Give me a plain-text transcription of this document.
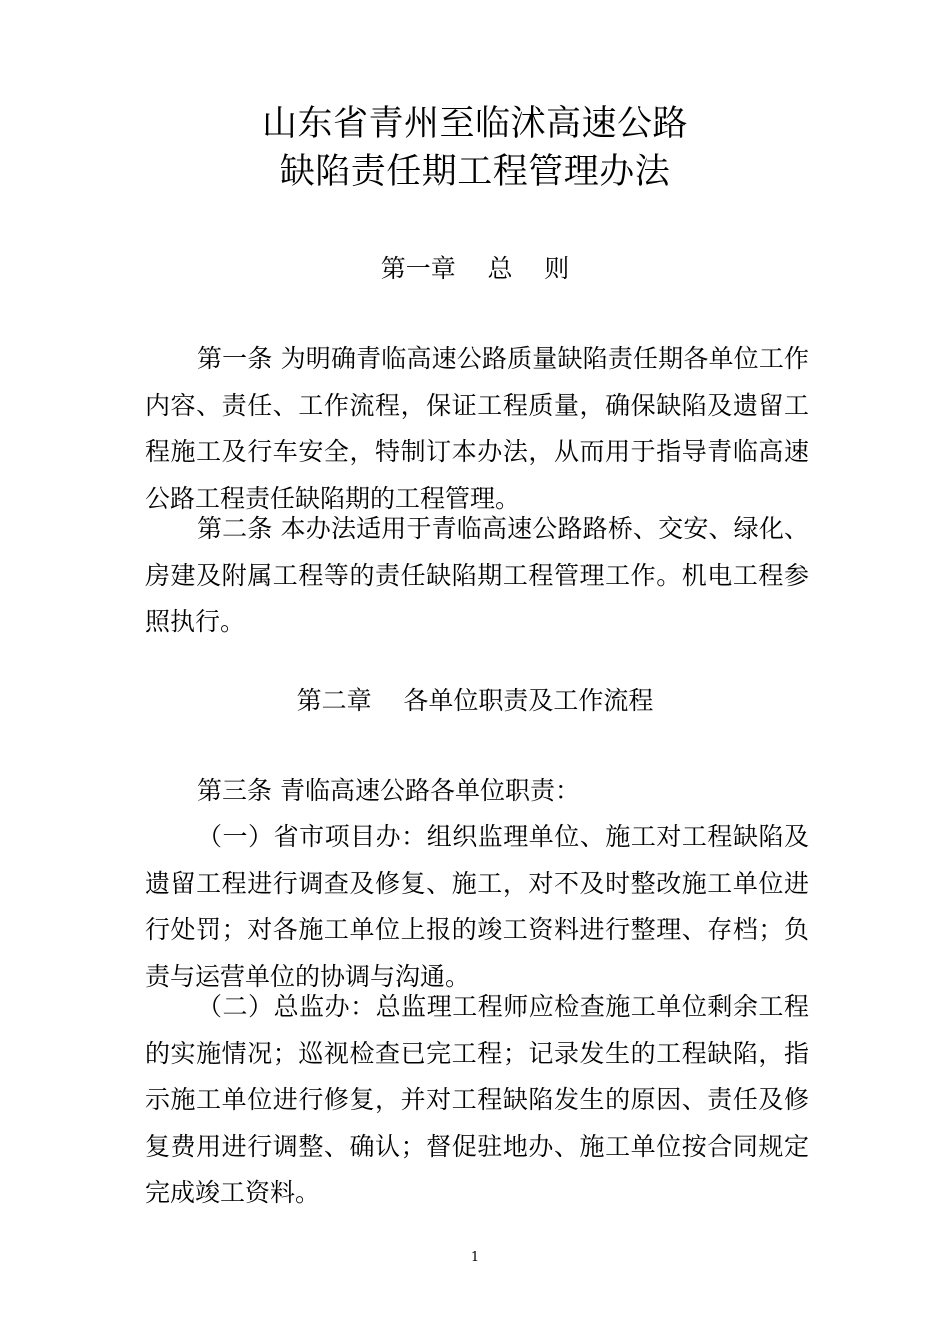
山东省青州至临沭高速公路
缺陷责任期工程管理办法
第一章    总    则

第一条 为明确青临高速公路质量缺陷责任期各单位工作内容、责任、工作流程，保证工程质量，确保缺陷及遗留工程施工及行车安全，特制订本办法，从而用于指导青临高速公路工程责任缺陷期的工程管理。

第二条 本办法适用于青临高速公路路桥、交安、绿化、房建及附属工程等的责任缺陷期工程管理工作。机电工程参照执行。

第二章    各单位职责及工作流程

第三条 青临高速公路各单位职责：

（一）省市项目办：组织监理单位、施工对工程缺陷及遗留工程进行调查及修复、施工，对不及时整改施工单位进行处罚；对各施工单位上报的竣工资料进行整理、存档；负责与运营单位的协调与沟通。

（二）总监办：总监理工程师应检查施工单位剩余工程的实施情况；巡视检查已完工程；记录发生的工程缺陷，指示施工单位进行修复，并对工程缺陷发生的原因、责任及修复费用进行调整、确认；督促驻地办、施工单位按合同规定完成竣工资料。

1
